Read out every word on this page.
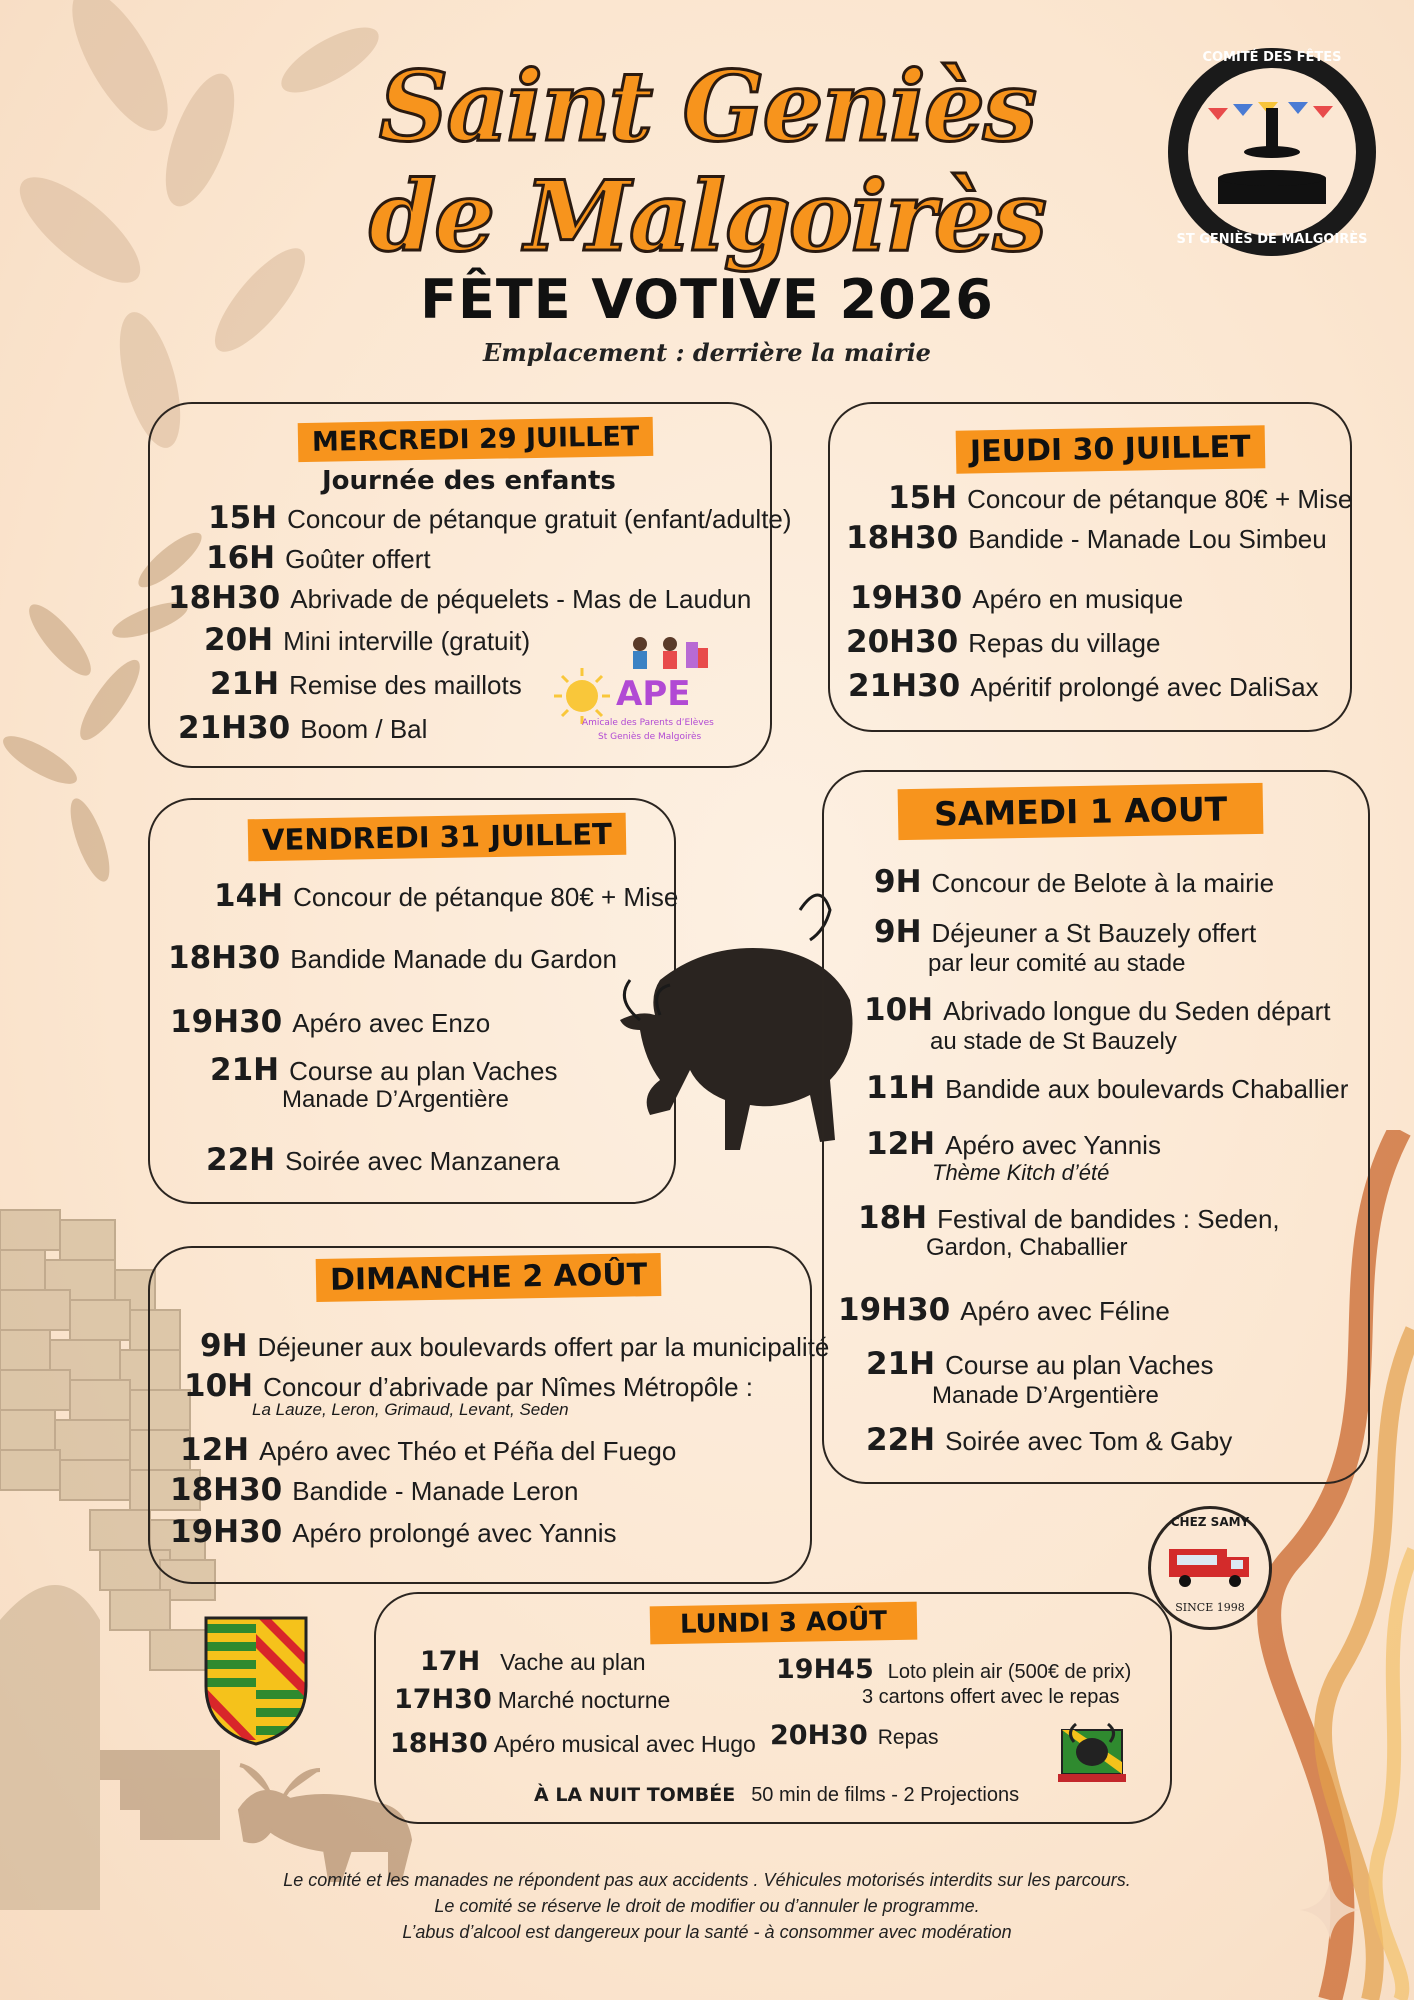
Saint Geniès
de Malgoirès
FÊTE VOTIVE 2026
Emplacement : derrière la mairie
COMITÉ DES FÊTES
ST GENIÈS DE MALGOIRÈS
MERCREDI 29 JUILLET
Journée des enfants
15H Concour de pétanque gratuit (enfant/adulte)
16H Goûter offert
18H30 Abrivade de péquelets - Mas de Laudun
20H Mini interville (gratuit)
21H Remise des maillots
21H30 Boom / Bal
APE
Amicale des Parents d’Elèves
St Geniès de Malgoirès
JEUDI 30 JUILLET
15H Concour de pétanque 80€ + Mise
18H30 Bandide - Manade Lou Simbeu
19H30 Apéro en musique
20H30 Repas du village
21H30 Apéritif prolongé avec DaliSax
VENDREDI 31 JUILLET
14H Concour de pétanque 80€ + Mise
18H30 Bandide Manade du Gardon
19H30 Apéro avec Enzo
21H Course au plan Vaches
Manade D’Argentière
22H Soirée avec Manzanera
SAMEDI 1 AOUT
9H Concour de Belote à la mairie
9H Déjeuner a St Bauzely offert
par leur comité au stade
10H Abrivado longue du Seden départ
au stade de St Bauzely
11H Bandide aux boulevards Chaballier
12H Apéro avec Yannis
Thème Kitch d’été
18H Festival de bandides : Seden,
Gardon, Chaballier
19H30 Apéro avec Féline
21H Course au plan Vaches
Manade D’Argentière
22H Soirée avec Tom & Gaby
DIMANCHE 2 AOÛT
9H Déjeuner aux boulevards offert par la municipalité
10H Concour d’abrivade par Nîmes Métropôle :
La Lauze, Leron, Grimaud, Levant, Seden
12H Apéro avec Théo et Péña del Fuego
18H30 Bandide - Manade Leron
19H30 Apéro prolongé avec Yannis	CHEZ SAMY
SINCE 1998
LUNDI 3 AOÛT
17H Vache au plan
17H30 Marché nocturne
18H30 Apéro musical avec Hugo
19H45 Loto plein air (500€ de prix)
3 cartons offert avec le repas
20H30 Repas
À LA NUIT TOMBÉE 50 min de films - 2 Projections
Le comité et les manades ne répondent pas aux accidents . Véhicules motorisés interdits sur les parcours.
Le comité se réserve le droit de modifier ou d’annuler le programme.
L’abus d’alcool est dangereux pour la santé - à consommer avec modération
